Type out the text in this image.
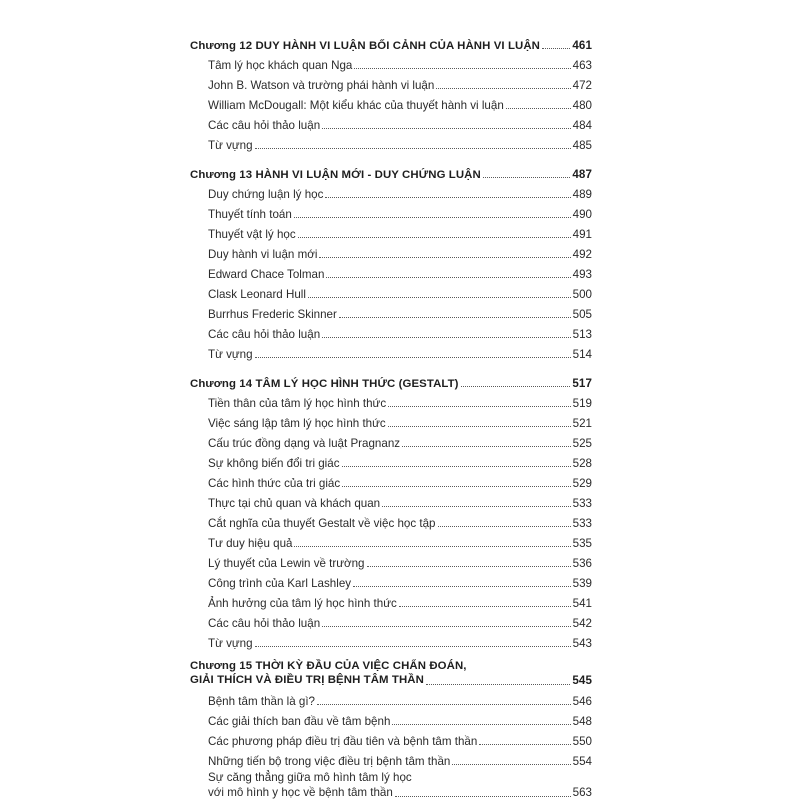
Chương 12 DUY HÀNH VI LUẬN BỐI CẢNH CỦA HÀNH VI LUẬN	461
Tâm lý học khách quan Nga	463
John B. Watson và trường phái hành vi luận	472
William McDougall: Một kiểu khác của thuyết hành vi luận	480
Các câu hỏi thảo luận	484
Từ vựng	485
Chương 13 HÀNH VI LUẬN MỚI - DUY CHỨNG LUẬN	487
Duy chứng luận lý học	489
Thuyết tính toán	490
Thuyết vật lý học	491
Duy hành vi luận mới	492
Edward Chace Tolman	493
Clask Leonard Hull	500
Burrhus Frederic Skinner	505
Các câu hỏi thảo luận	513
Từ vựng	514
Chương 14 TÂM LÝ HỌC HÌNH THỨC (GESTALT)	517
Tiền thân của tâm lý học hình thức	519
Việc sáng lập tâm lý học hình thức	521
Cấu trúc đồng dạng và luật Pragnanz	525
Sự không biến đổi tri giác	528
Các hình thức của tri giác	529
Thực tại chủ quan và khách quan	533
Cắt nghĩa của thuyết Gestalt về việc học tập	533
Tư duy hiệu quả	535
Lý thuyết của Lewin về trường	536
Công trình của Karl Lashley	539
Ảnh hưởng của tâm lý học hình thức	541
Các câu hỏi thảo luận	542
Từ vựng	543
Chương 15 THỜI KỲ ĐẦU CỦA VIỆC CHẨN ĐOÁN,
GIẢI THÍCH VÀ ĐIỀU TRỊ BỆNH TÂM THẦN	545
Bệnh tâm thần là gì?	546
Các giải thích ban đầu về tâm bệnh	548
Các phương pháp điều trị đầu tiên và bệnh tâm thần	550
Những tiến bộ trong việc điều trị bệnh tâm thần	554
Sự căng thẳng giữa mô hình tâm lý học
với mô hình y học về bệnh tâm thần	563
